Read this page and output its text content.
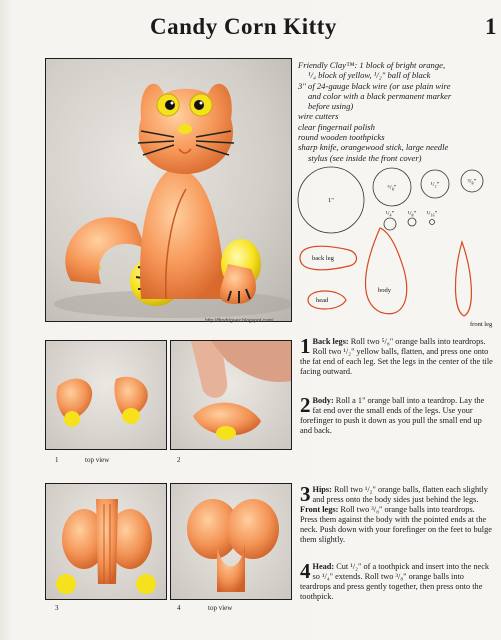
Candy Corn Kitty	1
Friendly Clay™: 1 block of bright orange,
¹/₄ block of yellow, ¹/₂" ball of black
3" of 24-gauge black wire (or use plain wire
and color with a black permanent marker
before using)
wire cutters
clear fingernail polish
round wooden toothpicks
sharp knife, orangewood stick, large needle
stylus (see inside the front cover)
1"
⁶/₈"	¹/₂"	³/₈"
¹/₄" ¹/₈" ¹/₁₆"
back leg
head
body
front leg
http://lfrodriguez.blogspot.com/
1	top view	2
3	4	top view
1 Back legs: Roll two ⁵/₈" orange balls into teardrops. Roll two ¹/₂" yellow balls, flatten, and press one onto the fat end of each leg. Set the legs in the center of the tile facing outward.
2 Body: Roll a 1" orange ball into a teardrop. Lay the fat end over the small ends of the legs. Use your forefinger to push it down as you pull the small end up and back.
3 Hips: Roll two ¹/₂" orange balls, flatten each slightly and press onto the body sides just behind the legs. Front legs: Roll two ³/₈" orange balls into teardrops. Press them against the body with the pointed ends at the neck. Push down with your forefinger on the feet to bulge them slightly.
4 Head: Cut ¹/₂" of a toothpick and insert into the neck so ¹/₄" extends. Roll two ³/₈" orange balls into teardrops and press gently together, then press onto the toothpick.
